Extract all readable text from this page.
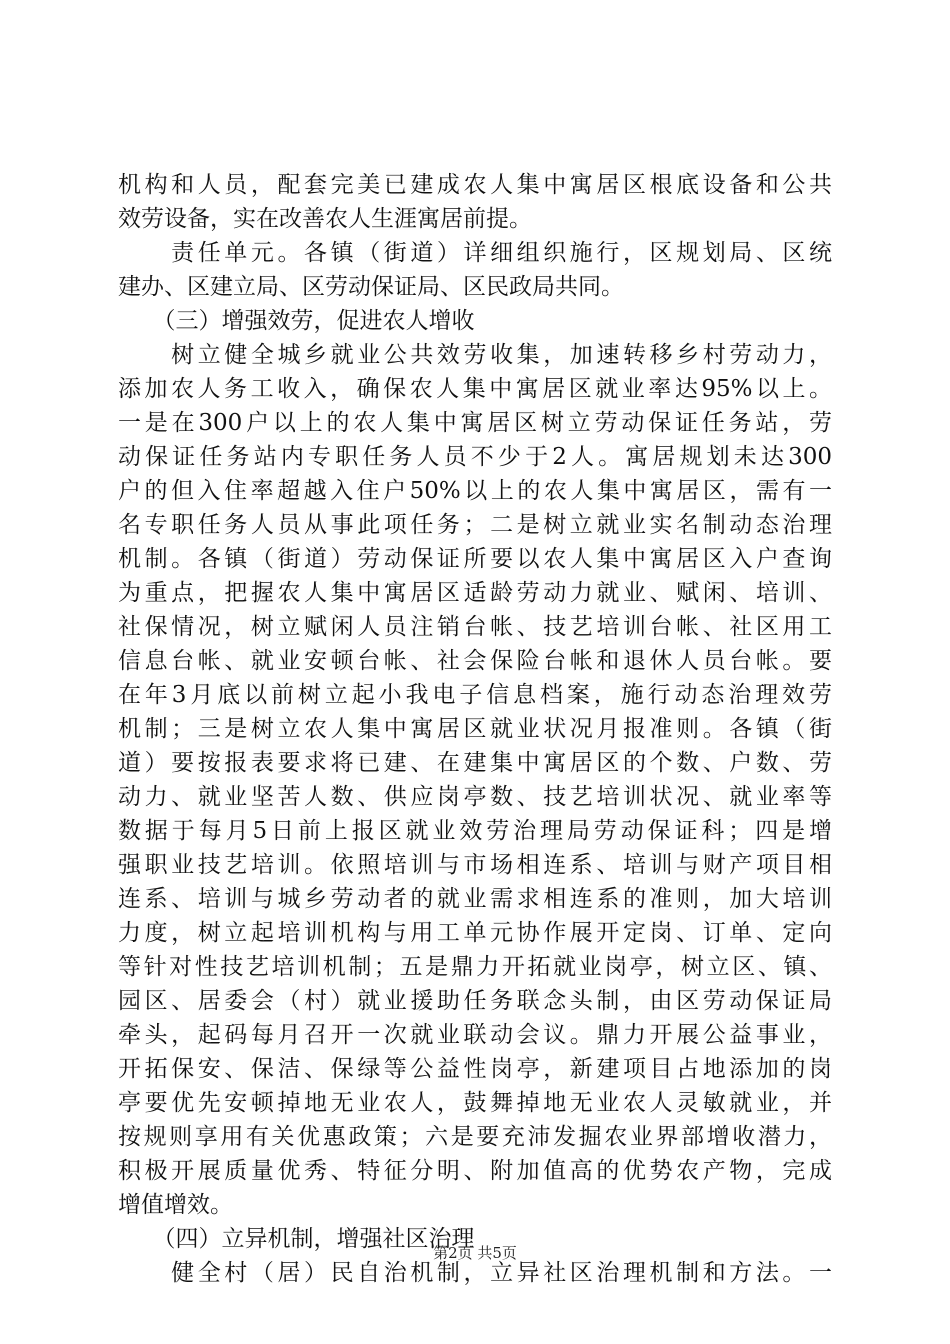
机构和人员，配套完美已建成农人集中寓居区根底设备和公共
效劳设备，实在改善农人生涯寓居前提。
　　责任单元。各镇（街道）详细组织施行，区规划局、区统
建办、区建立局、区劳动保证局、区民政局共同。
　　（三）增强效劳，促进农人增收
　　树立健全城乡就业公共效劳收集，加速转移乡村劳动力，
添加农人务工收入，确保农人集中寓居区就业率达95%以上。
一是在300户以上的农人集中寓居区树立劳动保证任务站，劳
动保证任务站内专职任务人员不少于2人。寓居规划未达300
户的但入住率超越入住户50%以上的农人集中寓居区，需有一
名专职任务人员从事此项任务；二是树立就业实名制动态治理
机制。各镇（街道）劳动保证所要以农人集中寓居区入户查询
为重点，把握农人集中寓居区适龄劳动力就业、赋闲、培训、
社保情况，树立赋闲人员注销台帐、技艺培训台帐、社区用工
信息台帐、就业安顿台帐、社会保险台帐和退休人员台帐。要
在年3月底以前树立起小我电子信息档案，施行动态治理效劳
机制；三是树立农人集中寓居区就业状况月报准则。各镇（街
道）要按报表要求将已建、在建集中寓居区的个数、户数、劳
动力、就业坚苦人数、供应岗亭数、技艺培训状况、就业率等
数据于每月5日前上报区就业效劳治理局劳动保证科；四是增
强职业技艺培训。依照培训与市场相连系、培训与财产项目相
连系、培训与城乡劳动者的就业需求相连系的准则，加大培训
力度，树立起培训机构与用工单元协作展开定岗、订单、定向
等针对性技艺培训机制；五是鼎力开拓就业岗亭，树立区、镇、
园区、居委会（村）就业援助任务联念头制，由区劳动保证局
牵头，起码每月召开一次就业联动会议。鼎力开展公益事业，
开拓保安、保洁、保绿等公益性岗亭，新建项目占地添加的岗
亭要优先安顿掉地无业农人，鼓舞掉地无业农人灵敏就业，并
按规则享用有关优惠政策；六是要充沛发掘农业界部增收潜力，
积极开展质量优秀、特征分明、附加值高的优势农产物，完成
增值增效。
　　（四）立异机制，增强社区治理
　　健全村（居）民自治机制，立异社区治理机制和方法。一
第2页 共5页
